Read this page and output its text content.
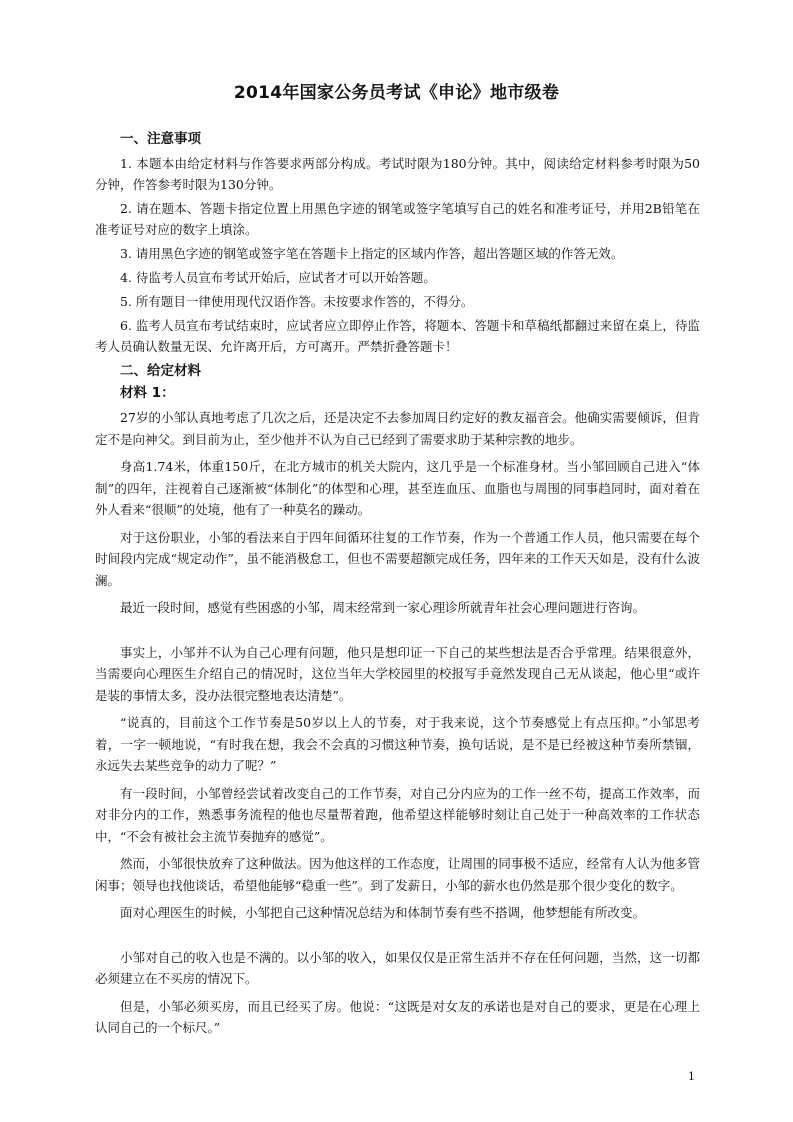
2014年国家公务员考试《申论》地市级卷
一、注意事项

1. 本题本由给定材料与作答要求两部分构成。考试时限为180分钟。其中，阅读给定材料参考时限为50分钟，作答参考时限为130分钟。

2. 请在题本、答题卡指定位置上用黑色字迹的钢笔或签字笔填写自己的姓名和准考证号，并用2B铅笔在准考证号对应的数字上填涂。

3. 请用黑色字迹的钢笔或签字笔在答题卡上指定的区域内作答，超出答题区域的作答无效。

4. 待监考人员宣布考试开始后，应试者才可以开始答题。

5. 所有题目一律使用现代汉语作答。未按要求作答的，不得分。

6. 监考人员宣布考试结束时，应试者应立即停止作答，将题本、答题卡和草稿纸都翻过来留在桌上，待监考人员确认数量无误、允许离开后，方可离开。严禁折叠答题卡！

二、给定材料
材料 1：

27岁的小邹认真地考虑了几次之后，还是决定不去参加周日约定好的教友福音会。他确实需要倾诉，但肯定不是向神父。到目前为止，至少他并不认为自己已经到了需要求助于某种宗教的地步。

身高1.74米，体重150斤，在北方城市的机关大院内，这几乎是一个标准身材。当小邹回顾自己进入“体制”的四年，注视着自己逐渐被“体制化”的体型和心理，甚至连血压、血脂也与周围的同事趋同时，面对着在外人看来“很顺”的处境，他有了一种莫名的躁动。

对于这份职业，小邹的看法来自于四年间循环往复的工作节奏，作为一个普通工作人员，他只需要在每个时间段内完成“规定动作”，虽不能消极怠工，但也不需要超额完成任务，四年来的工作天天如是，没有什么波澜。

最近一段时间，感觉有些困惑的小邹，周末经常到一家心理诊所就青年社会心理问题进行咨询。

事实上，小邹并不认为自己心理有问题，他只是想印证一下自己的某些想法是否合乎常理。结果很意外，当需要向心理医生介绍自己的情况时，这位当年大学校园里的校报写手竟然发现自己无从谈起，他心里“或许是装的事情太多，没办法很完整地表达清楚”。

“说真的，目前这个工作节奏是50岁以上人的节奏，对于我来说，这个节奏感觉上有点压抑。”小邹思考着，一字一顿地说，“有时我在想，我会不会真的习惯这种节奏，换句话说，是不是已经被这种节奏所禁锢，永远失去某些竞争的动力了呢？”

有一段时间，小邹曾经尝试着改变自己的工作节奏，对自己分内应为的工作一丝不苟，提高工作效率，而对非分内的工作，熟悉事务流程的他也尽量帮着跑，他希望这样能够时刻让自己处于一种高效率的工作状态中，“不会有被社会主流节奏抛弃的感觉”。

然而，小邹很快放弃了这种做法。因为他这样的工作态度，让周围的同事极不适应，经常有人认为他多管闲事；领导也找他谈话，希望他能够“稳重一些”。到了发薪日，小邹的薪水也仍然是那个很少变化的数字。

面对心理医生的时候，小邹把自己这种情况总结为和体制节奏有些不搭调，他梦想能有所改变。

小邹对自己的收入也是不满的。以小邹的收入，如果仅仅是正常生活并不存在任何问题，当然，这一切都必须建立在不买房的情况下。

但是，小邹必须买房，而且已经买了房。他说：“这既是对女友的承诺也是对自己的要求，更是在心理上认同自己的一个标尺。”

1
